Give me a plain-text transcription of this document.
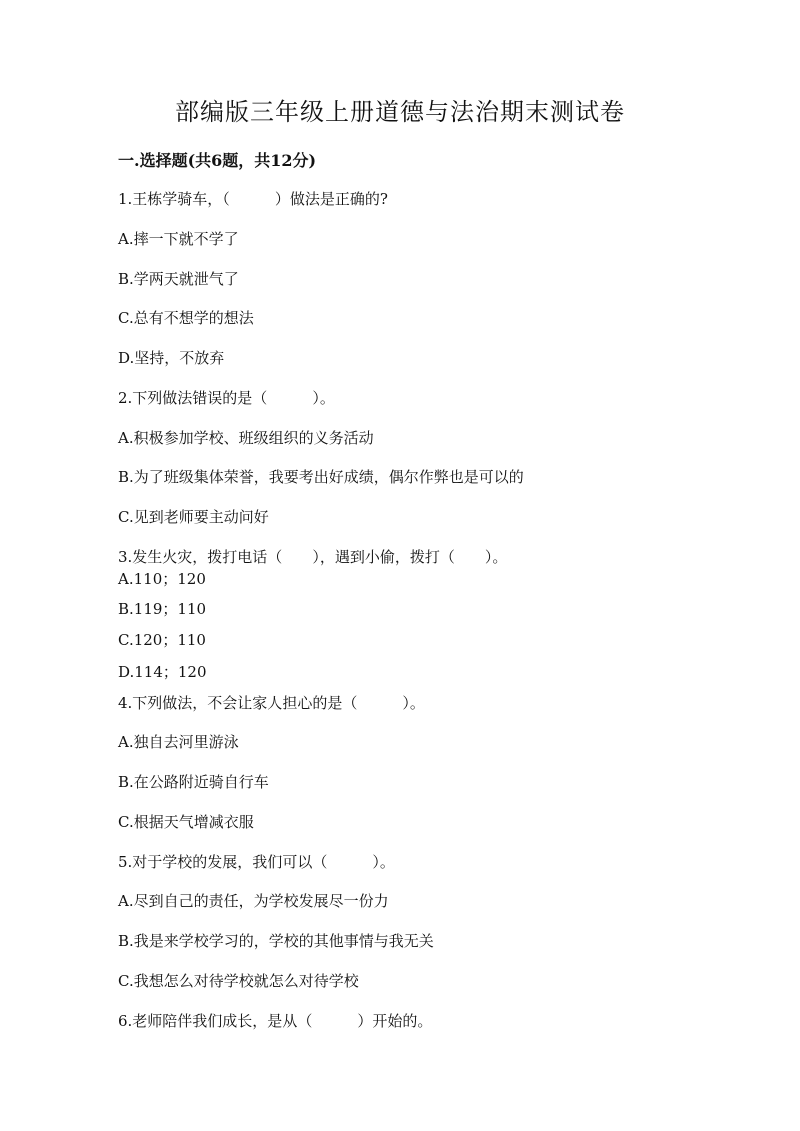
部编版三年级上册道德与法治期末测试卷
一.选择题(共6题，共12分)
1.王栋学骑车，（　　　）做法是正确的?
A.摔一下就不学了
B.学两天就泄气了
C.总有不想学的想法
D.坚持，不放弃
2.下列做法错误的是（　　　）。
A.积极参加学校、班级组织的义务活动
B.为了班级集体荣誉，我要考出好成绩，偶尔作弊也是可以的
C.见到老师要主动问好
3.发生火灾，拨打电话（　　），遇到小偷，拨打（　　）。
A.110；120
B.119；110
C.120；110
D.114；120
4.下列做法，不会让家人担心的是（　　　）。
A.独自去河里游泳
B.在公路附近骑自行车
C.根据天气增减衣服
5.对于学校的发展，我们可以（　　　）。
A.尽到自己的责任，为学校发展尽一份力
B.我是来学校学习的，学校的其他事情与我无关
C.我想怎么对待学校就怎么对待学校
6.老师陪伴我们成长，是从（　　　）开始的。
